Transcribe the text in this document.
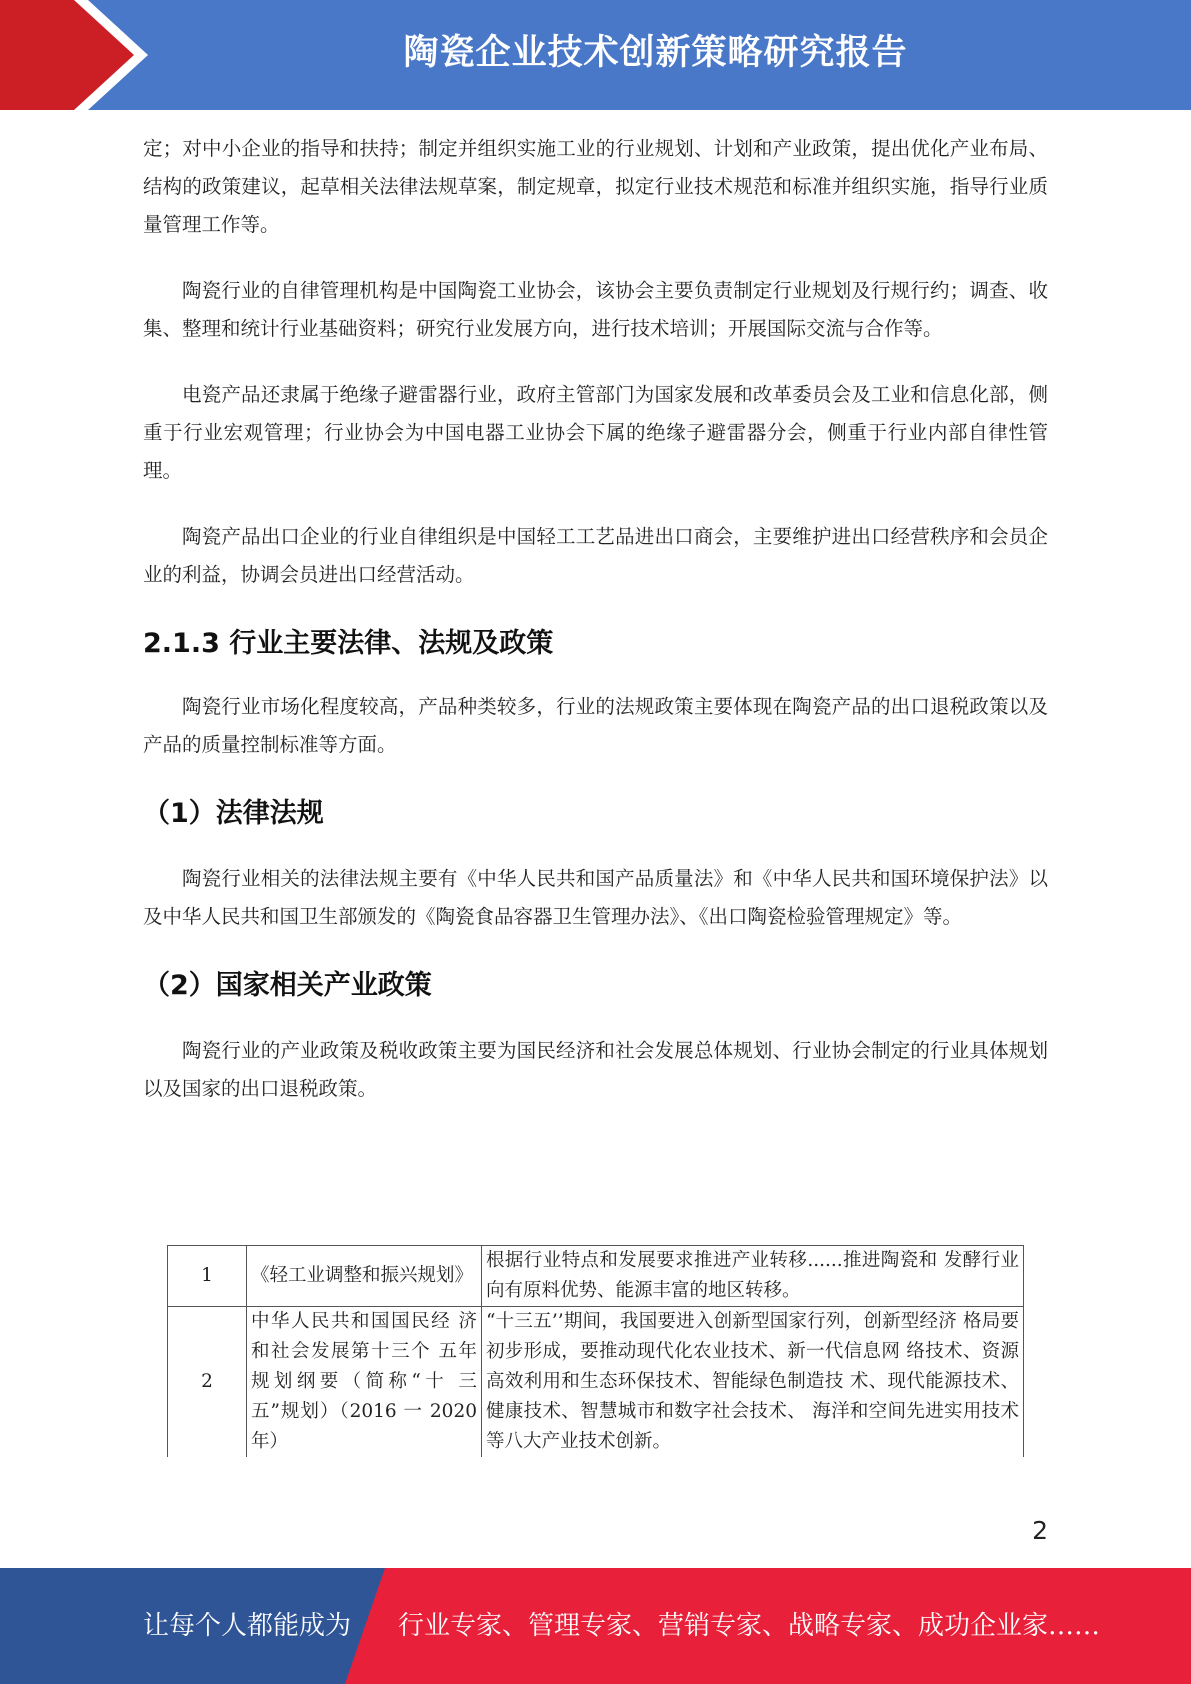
陶瓷企业技术创新策略研究报告

定；对中小企业的指导和扶持；制定并组织实施工业的行业规划、计划和产业政策，提出优化产业布局、结构的政策建议，起草相关法律法规草案，制定规章，拟定行业技术规范和标准并组织实施，指导行业质量管理工作等。

陶瓷行业的自律管理机构是中国陶瓷工业协会，该协会主要负责制定行业规划及行规行约；调查、收集、整理和统计行业基础资料；研究行业发展方向，进行技术培训；开展国际交流与合作等。

电瓷产品还隶属于绝缘子避雷器行业，政府主管部门为国家发展和改革委员会及工业和信息化部，侧重于行业宏观管理；行业协会为中国电器工业协会下属的绝缘子避雷器分会，侧重于行业内部自律性管理。

陶瓷产品出口企业的行业自律组织是中国轻工工艺品进出口商会，主要维护进出口经营秩序和会员企业的利益，协调会员进出口经营活动。

2.1.3 行业主要法律、法规及政策

陶瓷行业市场化程度较高，产品种类较多，行业的法规政策主要体现在陶瓷产品的出口退税政策以及产品的质量控制标准等方面。

（1）法律法规

陶瓷行业相关的法律法规主要有《中华人民共和国产品质量法》和《中华人民共和国环境保护法》以及中华人民共和国卫生部颁发的《陶瓷食品容器卫生管理办法》、《出口陶瓷检验管理规定》等。

（2）国家相关产业政策

陶瓷行业的产业政策及税收政策主要为国民经济和社会发展总体规划、行业协会制定的行业具体规划以及国家的出口退税政策。

1	《轻工业调整和振兴规划》	根据行业特点和发展要求推进产业转移......推进陶瓷和 发酵行业向有原料优势、能源丰富的地区转移。
2	中华人民共和国国民经 济和社会发展第十三个 五年规划纲要（简称“十 三五”规划）（2016 一 2020 年）	“十三五’’期间，我国要进入创新型国家行列，创新型经济 格局要初步形成，要推动现代化农业技术、新一代信息网 络技术、资源高效利用和生态环保技术、智能绿色制造技 术、现代能源技术、健康技术、智慧城市和数字社会技术、 海洋和空间先进实用技术等八大产业技术创新。
2
让每个人都能成为 行业专家、管理专家、营销专家、战略专家、成功企业家……
